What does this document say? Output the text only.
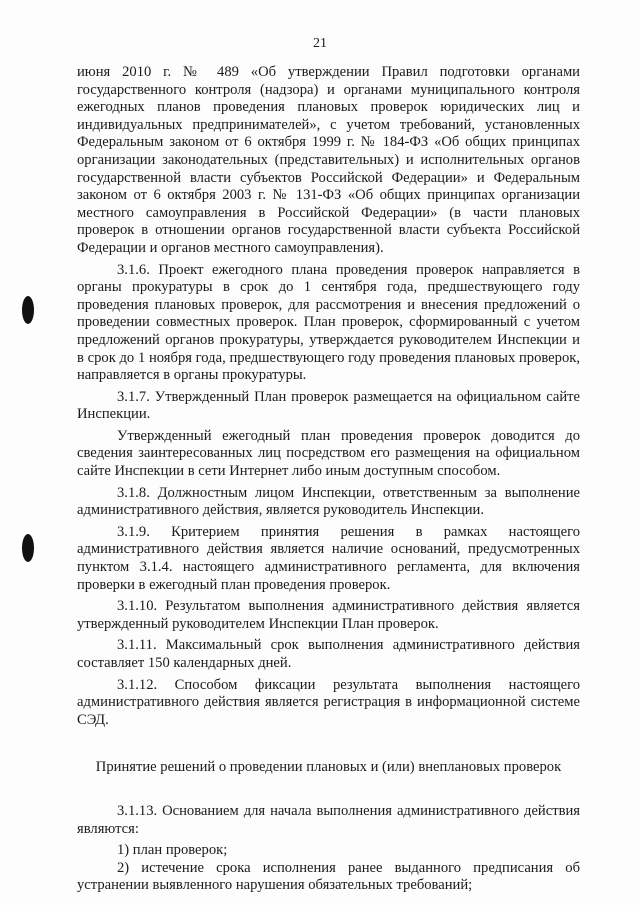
21

июня 2010 г. № 489 «Об утверждении Правил подготовки органами государственного контроля (надзора) и органами муниципального контроля ежегодных планов проведения плановых проверок юридических лиц и индивидуальных предпринимателей», с учетом требований, установленных Федеральным законом от 6 октября 1999 г. № 184-ФЗ «Об общих принципах организации законодательных (представительных) и исполнительных органов государственной власти субъектов Российской Федерации» и Федеральным законом от 6 октября 2003 г. № 131-ФЗ «Об общих принципах организации местного самоуправления в Российской Федерации» (в части плановых проверок в отношении органов государственной власти субъекта Российской Федерации и органов местного самоуправления).

3.1.6. Проект ежегодного плана проведения проверок направляется в органы прокуратуры в срок до 1 сентября года, предшествующего году проведения плановых проверок, для рассмотрения и внесения предложений о проведении совместных проверок. План проверок, сформированный с учетом предложений органов прокуратуры, утверждается руководителем Инспекции и в срок до 1 ноября года, предшествующего году проведения плановых проверок, направляется в органы прокуратуры.

3.1.7. Утвержденный План проверок размещается на официальном сайте Инспекции.

Утвержденный ежегодный план проведения проверок доводится до сведения заинтересованных лиц посредством его размещения на официальном сайте Инспекции в сети Интернет либо иным доступным способом.

3.1.8. Должностным лицом Инспекции, ответственным за выполнение административного действия, является руководитель Инспекции.

3.1.9. Критерием принятия решения в рамках настоящего административного действия является наличие оснований, предусмотренных пунктом 3.1.4. настоящего административного регламента, для включения проверки в ежегодный план проведения проверок.

3.1.10. Результатом выполнения административного действия является утвержденный руководителем Инспекции План проверок.

3.1.11. Максимальный срок выполнения административного действия составляет 150 календарных дней.

3.1.12. Способом фиксации результата выполнения настоящего административного действия является регистрация в информационной системе СЭД.

Принятие решений о проведении плановых и (или) внеплановых проверок

3.1.13. Основанием для начала выполнения административного действия являются:

1) план проверок;

2) истечение срока исполнения ранее выданного предписания об устранении выявленного нарушения обязательных требований;
